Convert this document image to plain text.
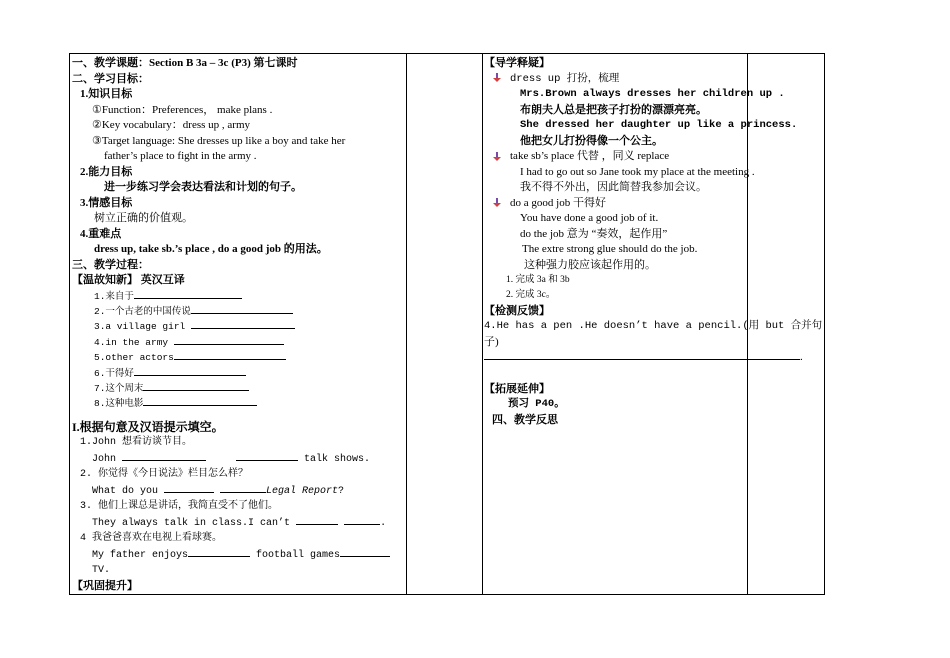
一、教学课题：Section B 3a – 3c (P3) 第七课时
二、学习目标：
1.知识目标
①Function：Preferences， make plans .
②Key vocabulary：dress up , army
③Target language: She dresses up like a boy and take her
father’s place to fight in the army .
2.能力目标
进一步练习学会表达看法和计划的句子。
3.情感目标
树立正确的价值观。
4.重难点
dress up, take sb.’s place , do a good job 的用法。
三、教学过程：
【温故知新】 英汉互译
1.来自于
2.一个古老的中国传说
3.a village girl
4.in the army
5.other actors
6.干得好
7.这个周末
8.这种电影
I.根据句意及汉语提示填空。
1.John 想看访谈节目。
John	talk shows.
2. 你觉得《今日说法》栏目怎么样？
What do you	Legal Report?
3. 他们上课总是讲话，我简直受不了他们。
They always talk in class.I can’t	.
4 我爸爸喜欢在电视上看球赛。
My father enjoys	football games
TV.
【巩固提升】
【导学释疑】
dress up 打扮，梳理
Mrs.Brown always dresses her children up .
布朗夫人总是把孩子打扮的漂漂亮亮。
She dressed her daughter up like a princess.
他把女儿打扮得像一个公主。
take sb’s place 代替 ，同义 replace
I had to go out so Jane took my place at the meeting .
我不得不外出，因此简替我参加会议。
do a good job 干得好
You have done a good job of it.
do the job 意为 “奏效，起作用”
The extre strong glue should do the job.
这种强力胶应该起作用的。
1. 完成 3a 和 3b
2. 完成 3c。
【检测反馈】
4.He has a pen .He doesn’t have a pencil.(用 but 合并句
子)
.
【拓展延伸】
预习 P40。
四、教学反思
